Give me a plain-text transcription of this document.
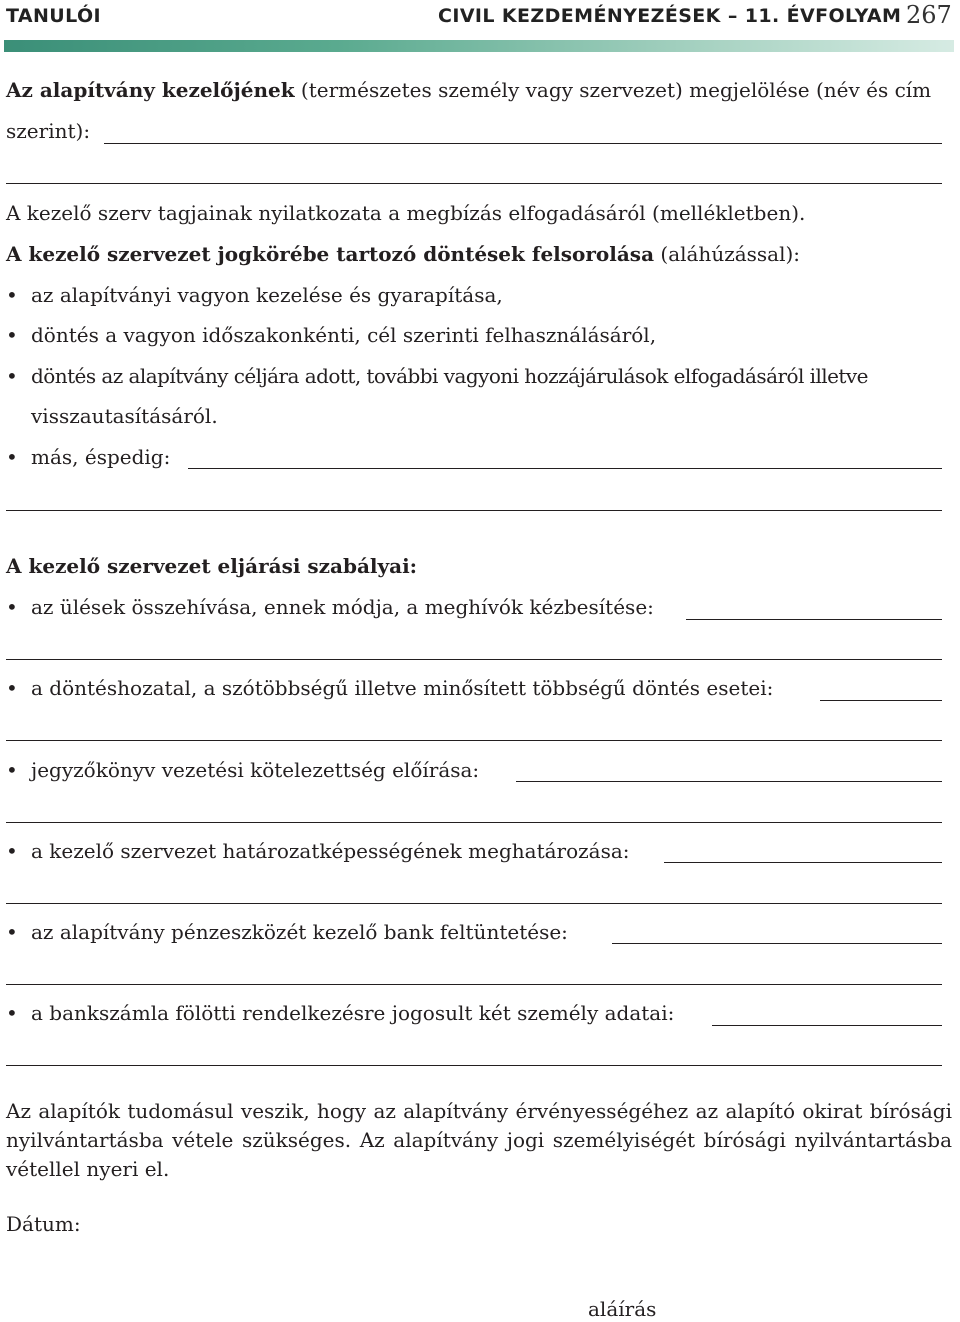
TANULÓI	CIVIL KEZDEMÉNYEZÉSEK – 11. ÉVFOLYAM 267
Az alapítvány kezelőjének (természetes személy vagy szervezet) megjelölése (név és cím
szerint):
A kezelő szerv tagjainak nyilatkozata a megbízás elfogadásáról (mellékletben).
A kezelő szervezet jogkörébe tartozó döntések felsorolása (aláhúzással):
• az alapítványi vagyon kezelése és gyarapítása,
• döntés a vagyon időszakonkénti, cél szerinti felhasználásáról,
• döntés az alapítvány céljára adott, további vagyoni hozzájárulások elfogadásáról illetve
visszautasításáról.
• más, éspedig:
A kezelő szervezet eljárási szabályai:
• az ülések összehívása, ennek módja, a meghívók kézbesítése:
• a döntéshozatal, a szótöbbségű illetve minősített többségű döntés esetei:
• jegyzőkönyv vezetési kötelezettség előírása:
• a kezelő szervezet határozatképességének meghatározása:
• az alapítvány pénzeszközét kezelő bank feltüntetése:
• a bankszámla fölötti rendelkezésre jogosult két személy adatai:
Az alapítók tudomásul veszik, hogy az alapítvány érvényességéhez az alapító okirat bírósági nyilvántartásba vétele szükséges. Az alapítvány jogi személyiségét bírósági nyilvántartásba vétellel nyeri el.
Dátum:
aláírás
